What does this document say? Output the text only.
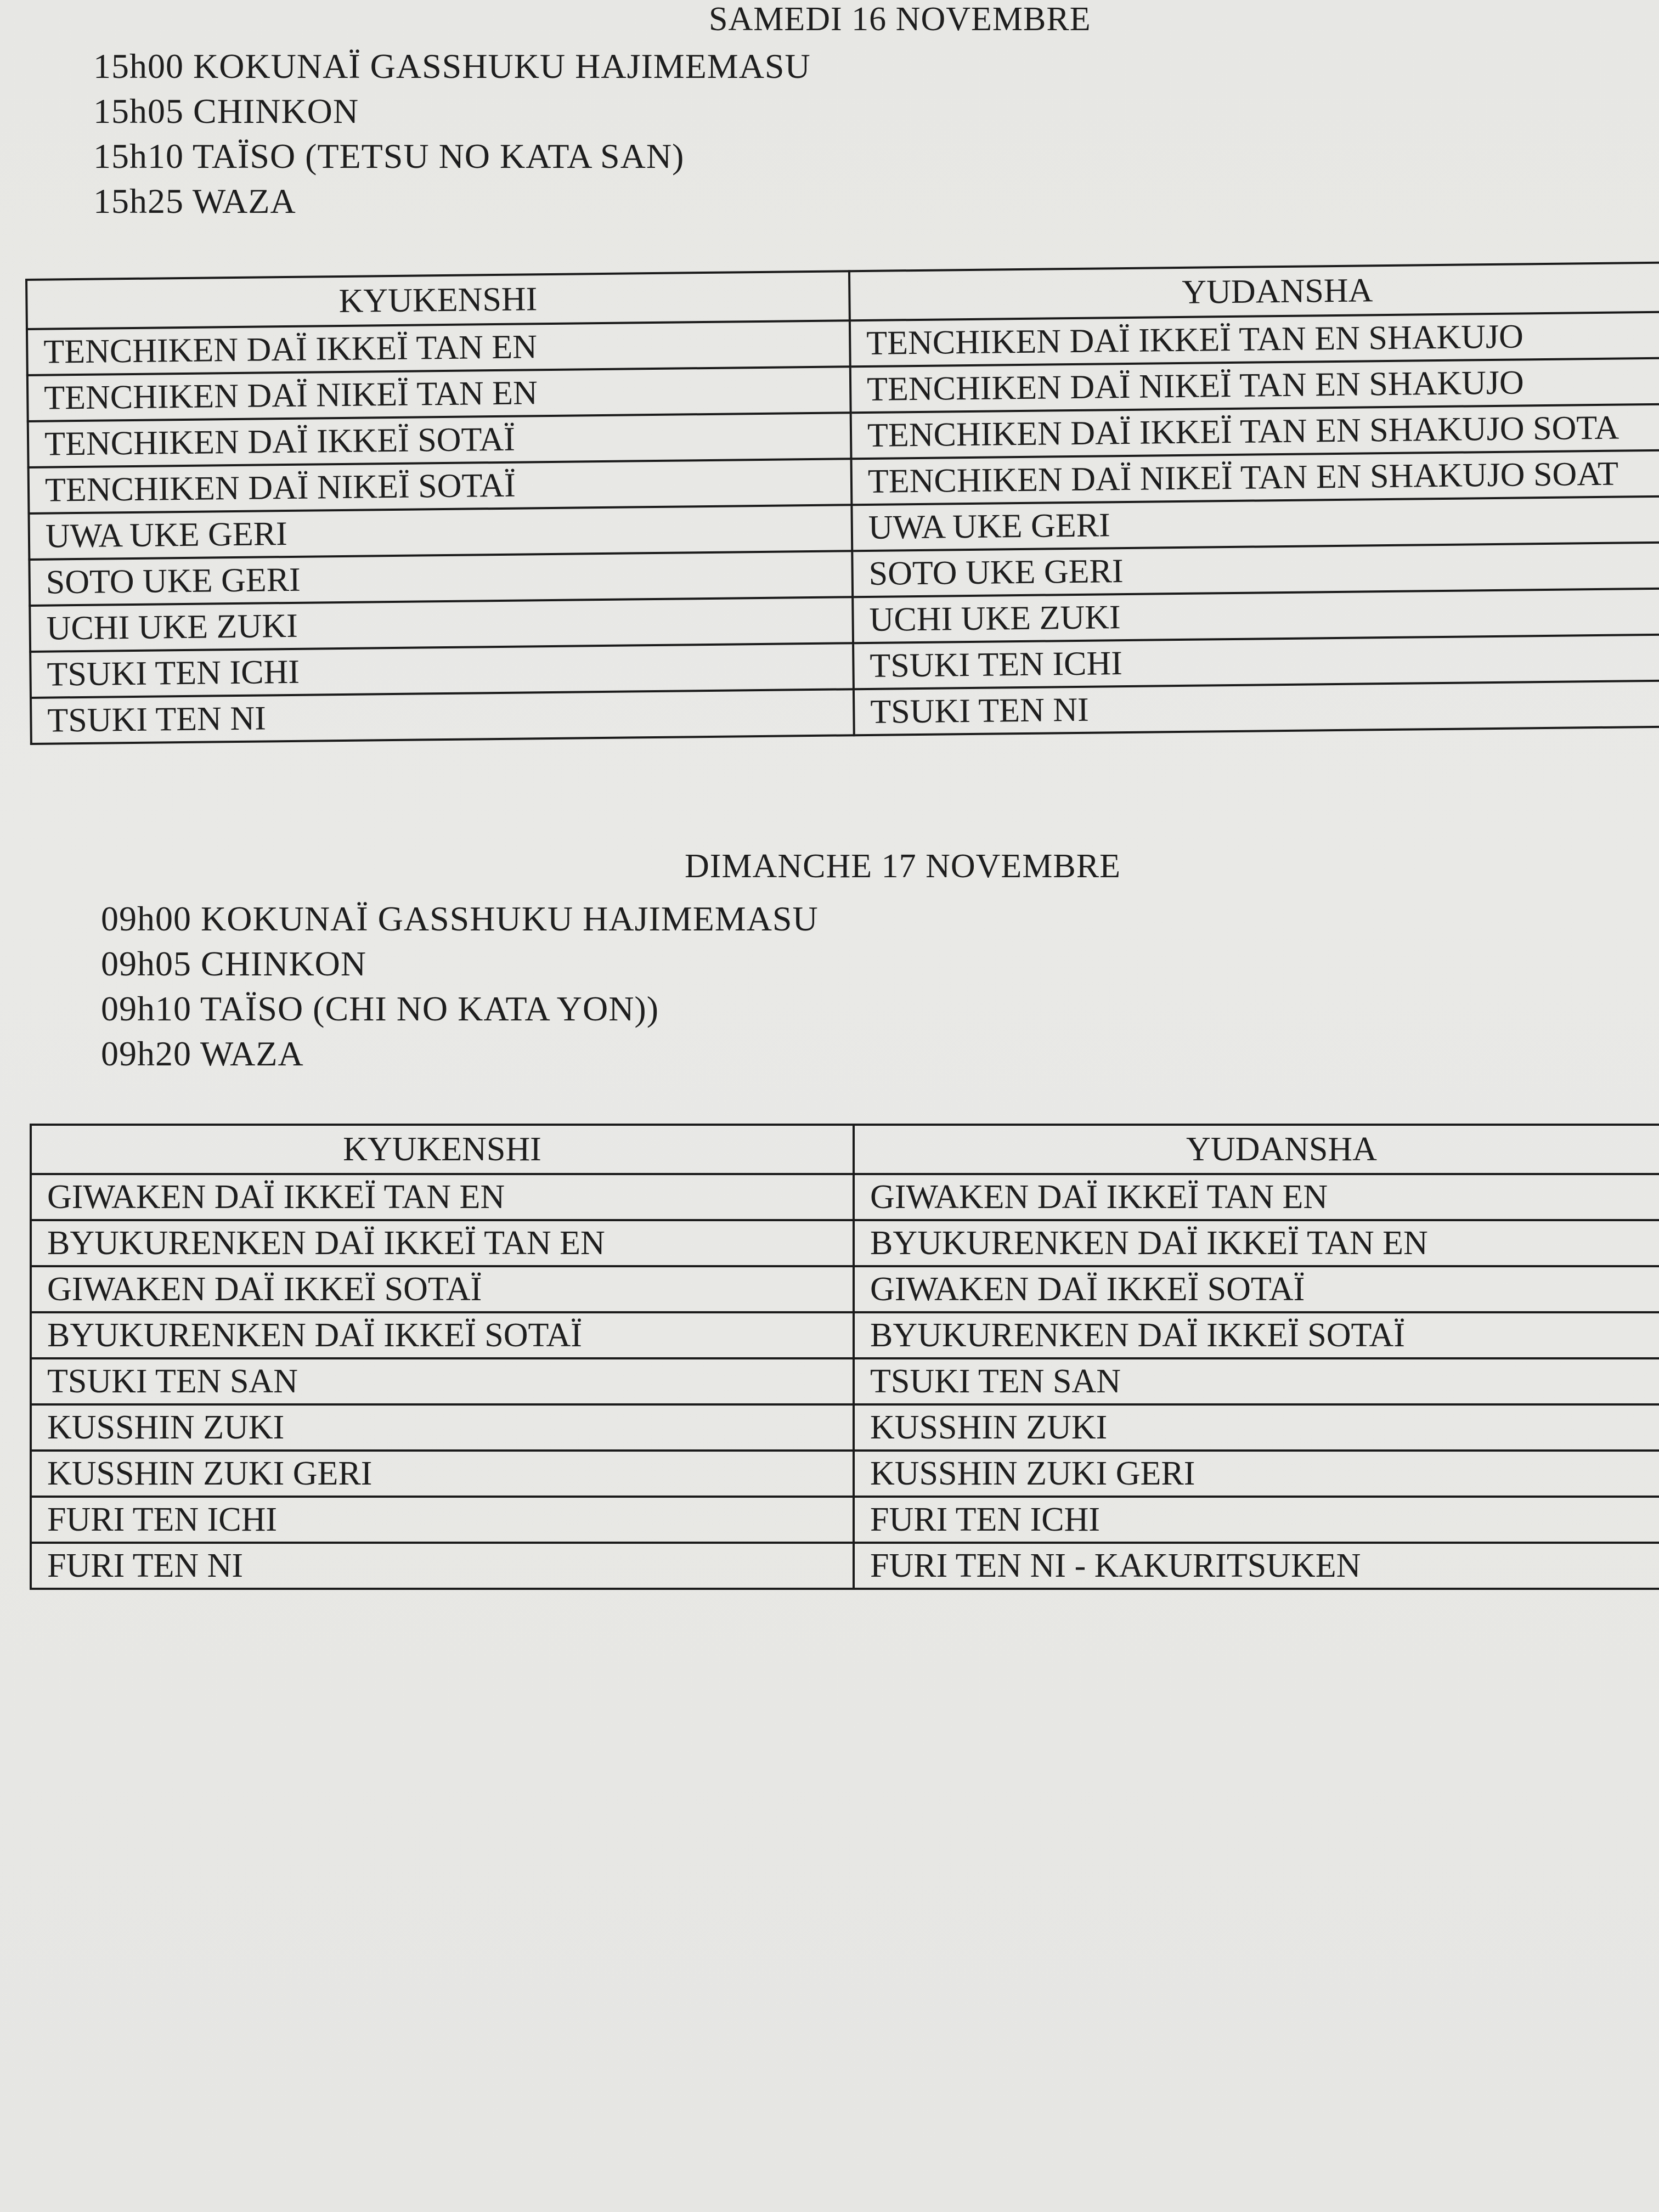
SAMEDI 16 NOVEMBRE
15h00 KOKUNAÏ GASSHUKU HAJIMEMASU
15h05 CHINKON
15h10 TAÏSO (TETSU NO KATA SAN)
15h25 WAZA
KYUKENSHI	YUDANSHA
TENCHIKEN DAÏ IKKEÏ TAN EN	TENCHIKEN DAÏ IKKEÏ TAN EN SHAKUJO
TENCHIKEN DAÏ NIKEÏ TAN EN	TENCHIKEN DAÏ NIKEÏ TAN EN SHAKUJO
TENCHIKEN DAÏ IKKEÏ SOTAÏ	TENCHIKEN DAÏ IKKEÏ TAN EN SHAKUJO SOTA
TENCHIKEN DAÏ NIKEÏ SOTAÏ	TENCHIKEN DAÏ NIKEÏ TAN EN SHAKUJO SOAT
UWA UKE GERI	UWA UKE GERI
SOTO UKE GERI	SOTO UKE GERI
UCHI UKE ZUKI	UCHI UKE ZUKI
TSUKI TEN ICHI	TSUKI TEN ICHI
TSUKI TEN NI	TSUKI TEN NI
DIMANCHE 17 NOVEMBRE
09h00 KOKUNAÏ GASSHUKU HAJIMEMASU
09h05 CHINKON
09h10 TAÏSO (CHI NO KATA YON))
09h20 WAZA
KYUKENSHI	YUDANSHA
GIWAKEN DAÏ IKKEÏ TAN EN	GIWAKEN DAÏ IKKEÏ TAN EN
BYUKURENKEN DAÏ IKKEÏ TAN EN	BYUKURENKEN DAÏ IKKEÏ TAN EN
GIWAKEN DAÏ IKKEÏ SOTAÏ	GIWAKEN DAÏ IKKEÏ SOTAÏ
BYUKURENKEN DAÏ IKKEÏ SOTAÏ	BYUKURENKEN DAÏ IKKEÏ SOTAÏ
TSUKI TEN SAN	TSUKI TEN SAN
KUSSHIN ZUKI	KUSSHIN ZUKI
KUSSHIN ZUKI GERI	KUSSHIN ZUKI GERI
FURI TEN ICHI	FURI TEN ICHI
FURI TEN NI	FURI TEN NI - KAKURITSUKEN
